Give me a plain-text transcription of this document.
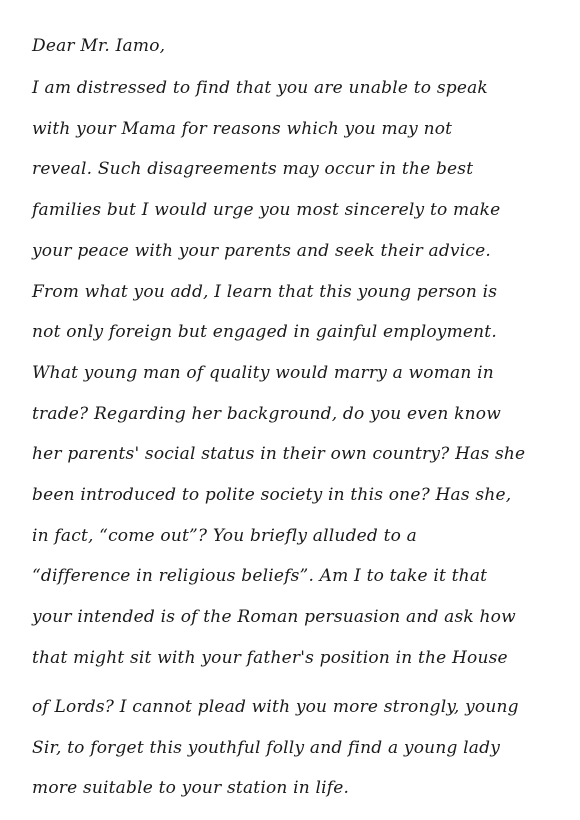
Dear Mr. Iamo,

I am distressed to find that you are unable to speak

with your Mama for reasons which you may not

reveal. Such disagreements may occur in the best

families but I would urge you most sincerely to make

your peace with your parents and seek their advice.

From what you add, I learn that this young person is

not only foreign but engaged in gainful employment.

What young man of quality would marry a woman in

trade? Regarding her background, do you even know

her parents' social status in their own country? Has she

been introduced to polite society in this one? Has she,

in fact, “come out”? You briefly alluded to a

“difference in religious beliefs”. Am I to take it that

your intended is of the Roman persuasion and ask how

that might sit with your father's position in the House

of Lords? I cannot plead with you more strongly, young

Sir, to forget this youthful folly and find a young lady

more suitable to your station in life.
